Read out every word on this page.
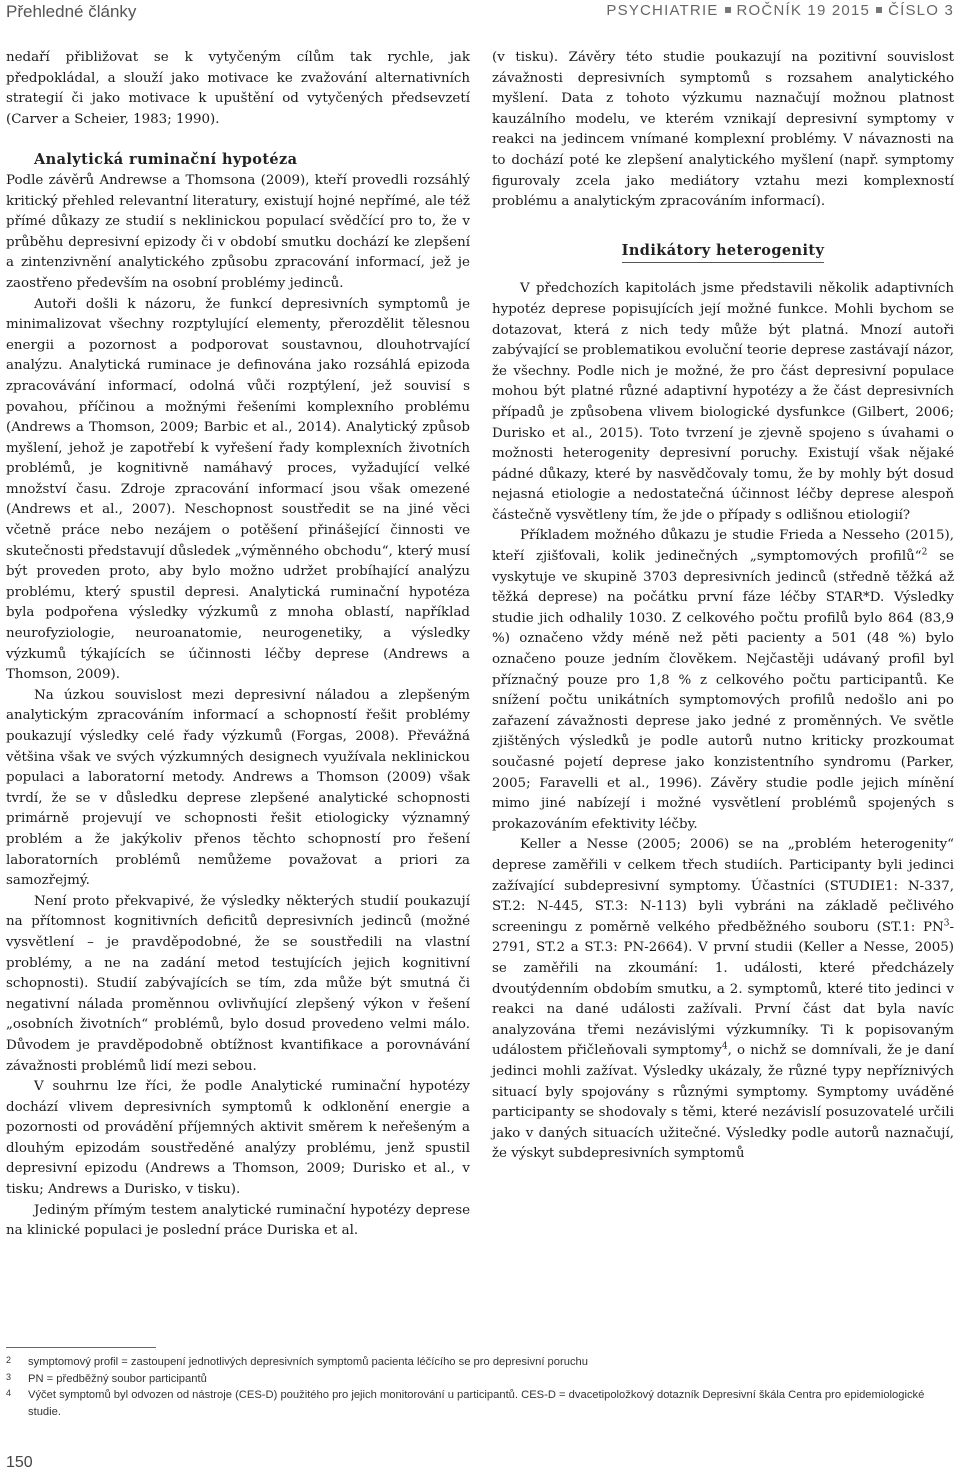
Přehledné články	PSYCHIATRIE ROČNÍK 19 2015 ČÍSLO 3

nedaří přibližovat se k vytyčeným cílům tak rychle, jak předpokládal, a slouží jako motivace ke zvažování alternativních strategií či jako motivace k upuštění od vytyčených předsevzetí (Carver a Scheier, 1983; 1990).

Analytická ruminační hypotéza

Podle závěrů Andrewse a Thomsona (2009), kteří provedli rozsáhlý kritický přehled relevantní literatury, existují hojné nepřímé, ale též přímé důkazy ze studií s neklinickou populací svědčící pro to, že v průběhu depresivní epizody či v období smutku dochází ke zlepšení a zintenzivnění analytického způsobu zpracování informací, jež je zaostřeno především na osobní problémy jedinců.

Autoři došli k názoru, že funkcí depresivních symptomů je minimalizovat všechny rozptylující elementy, přerozdělit tělesnou energii a pozornost a podporovat soustavnou, dlouhotrvající analýzu. Analytická ruminace je definována jako rozsáhlá epizoda zpracovávání informací, odolná vůči rozptýlení, jež souvisí s povahou, příčinou a možnými řešeními komplexního problému (Andrews a Thomson, 2009; Barbic et al., 2014). Analytický způsob myšlení, jehož je zapotřebí k vyřešení řady komplexních životních problémů, je kognitivně namáhavý proces, vyžadující velké množství času. Zdroje zpracování informací jsou však omezené (Andrews et al., 2007). Neschopnost soustředit se na jiné věci včetně práce nebo nezájem o potěšení přinášející činnosti ve skutečnosti představují důsledek „výměnného obchodu“, který musí být proveden proto, aby bylo možno udržet probíhající analýzu problému, který spustil depresi. Analytická ruminační hypotéza byla podpořena výsledky výzkumů z mnoha oblastí, například neurofyziologie, neuroanatomie, neurogenetiky, a výsledky výzkumů týkajících se účinnosti léčby deprese (Andrews a Thomson, 2009).

Na úzkou souvislost mezi depresivní náladou a zlepšeným analytickým zpracováním informací a schopností řešit problémy poukazují výsledky celé řady výzkumů (Forgas, 2008). Převážná většina však ve svých výzkumných designech využívala neklinickou populaci a laboratorní metody. Andrews a Thomson (2009) však tvrdí, že se v důsledku deprese zlepšené analytické schopnosti primárně projevují ve schopnosti řešit etiologicky významný problém a že jakýkoliv přenos těchto schopností pro řešení laboratorních problémů nemůžeme považovat a priori za samozřejmý.

Není proto překvapivé, že výsledky některých studií poukazují na přítomnost kognitivních deficitů depresivních jedinců (možné vysvětlení – je pravděpodobné, že se soustředili na vlastní problémy, a ne na zadání metod testujících jejich kognitivní schopnosti). Studií zabývajících se tím, zda může být smutná či negativní nálada proměnnou ovlivňující zlepšený výkon v řešení „osobních životních“ problémů, bylo dosud provedeno velmi málo. Důvodem je pravděpodobně obtížnost kvantifikace a porovnávání závažnosti problémů lidí mezi sebou.

V souhrnu lze říci, že podle Analytické ruminační hypotézy dochází vlivem depresivních symptomů k odklonění energie a pozornosti od provádění příjemných aktivit směrem k neřešeným a dlouhým epizodám soustředěné analýzy problému, jenž spustil depresivní epizodu (Andrews a Thomson, 2009; Durisko et al., v tisku; Andrews a Durisko, v tisku).

Jediným přímým testem analytické ruminační hypotézy deprese na klinické populaci je poslední práce Duriska et al.

(v tisku). Závěry této studie poukazují na pozitivní souvislost závažnosti depresivních symptomů s rozsahem analytického myšlení. Data z tohoto výzkumu naznačují možnou platnost kauzálního modelu, ve kterém vznikají depresivní symptomy v reakci na jedincem vnímané komplexní problémy. V návaznosti na to dochází poté ke zlepšení analytického myšlení (např. symptomy figurovaly zcela jako mediátory vztahu mezi komplexností problému a analytickým zpracováním informací).

Indikátory heterogenity

V předchozích kapitolách jsme představili několik adaptivních hypotéz deprese popisujících její možné funkce. Mohli bychom se dotazovat, která z nich tedy může být platná. Mnozí autoři zabývající se problematikou evoluční teorie deprese zastávají názor, že všechny. Podle nich je možné, že pro část depresivní populace mohou být platné různé adaptivní hypotézy a že část depresivních případů je způsobena vlivem biologické dysfunkce (Gilbert, 2006; Durisko et al., 2015). Toto tvrzení je zjevně spojeno s úvahami o možnosti heterogenity depresivní poruchy. Existují však nějaké pádné důkazy, které by nasvědčovaly tomu, že by mohly být dosud nejasná etiologie a nedostatečná účinnost léčby deprese alespoň částečně vysvětleny tím, že jde o případy s odlišnou etiologií?

Příkladem možného důkazu je studie Frieda a Nesseho (2015), kteří zjišťovali, kolik jedinečných „symptomových profilů“$^2$ se vyskytuje ve skupině 3703 depresivních jedinců (středně těžká až těžká deprese) na počátku první fáze léčby STAR*D. Výsledky studie jich odhalily 1030. Z celkového počtu profilů bylo 864 (83,9 %) označeno vždy méně než pěti pacienty a 501 (48 %) bylo označeno pouze jedním člověkem. Nejčastěji udávaný profil byl příznačný pouze pro 1,8 % z celkového počtu participantů. Ke snížení počtu unikátních symptomových profilů nedošlo ani po zařazení závažnosti deprese jako jedné z proměnných. Ve světle zjištěných výsledků je podle autorů nutno kriticky prozkoumat současné pojetí deprese jako konzistentního syndromu (Parker, 2005; Faravelli et al., 1996). Závěry studie podle jejich mínění mimo jiné nabízejí i možné vysvětlení problémů spojených s prokazováním efektivity léčby.

Keller a Nesse (2005; 2006) se na „problém heterogenity“ deprese zaměřili v celkem třech studiích. Participanty byli jedinci zažívající subdepresivní symptomy. Účastníci (STUDIE1: N-337, ST.2: N-445, ST.3: N-113) byli vybráni na základě pečlivého screeningu z poměrně velkého předběžného souboru (ST.1: $PN^3-2791$, ST.2 a ST.3: PN-2664). V první studii (Keller a Nesse, 2005) se zaměřili na zkoumání: 1. události, které předcházely dvoutýdenním obdobím smutku, a 2. symptomů, které tito jedinci v reakci na dané události zažívali. První část dat byla navíc analyzována třemi nezávislými výzkumníky. Ti k popisovaným událostem přičleňovali symptomy$^4$, o nichž se domnívali, že je daní jedinci mohli zažívat. Výsledky ukázaly, že různé typy nepříznivých situací byly spojovány s různými symptomy. Symptomy uváděné participanty se shodovaly s těmi, které nezávislí posuzovatelé určili jako v daných situacích užitečné. Výsledky podle autorů naznačují, že výskyt subdepresivních symptomů

2 symptomový profil = zastoupení jednotlivých depresivních symptomů pacienta léčícího se pro depresivní poruchu
3 PN = předběžný soubor participantů
4 Výčet symptomů byl odvozen od nástroje (CES-D) použitého pro jejich monitorování u participantů. CES-D = dvacetipoložkový dotazník Depresivní škála Centra pro epidemiologické studie.
150
